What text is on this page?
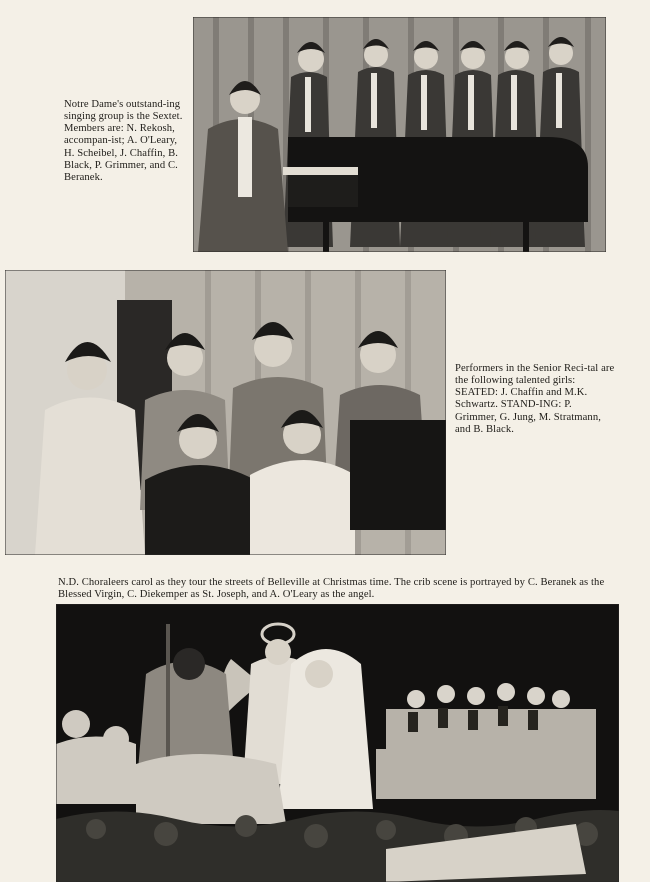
Notre Dame's outstand-ing singing group is the Sextet. Members are: N. Rekosh, accompan-ist; A. O'Leary, H. Scheibel, J. Chaffin, B. Black, P. Grimmer, and C. Beranek.

Performers in the Senior Reci-tal are the following talented girls: SEATED: J. Chaffin and M.K. Schwartz. STAND-ING: P. Grimmer, G. Jung, M. Stratmann, and B. Black.

N.D. Choraleers carol as they tour the streets of Belleville at Christmas time. The crib scene is portrayed by C. Beranek as the Blessed Virgin, C. Diekemper as St. Joseph, and A. O'Leary as the angel.
